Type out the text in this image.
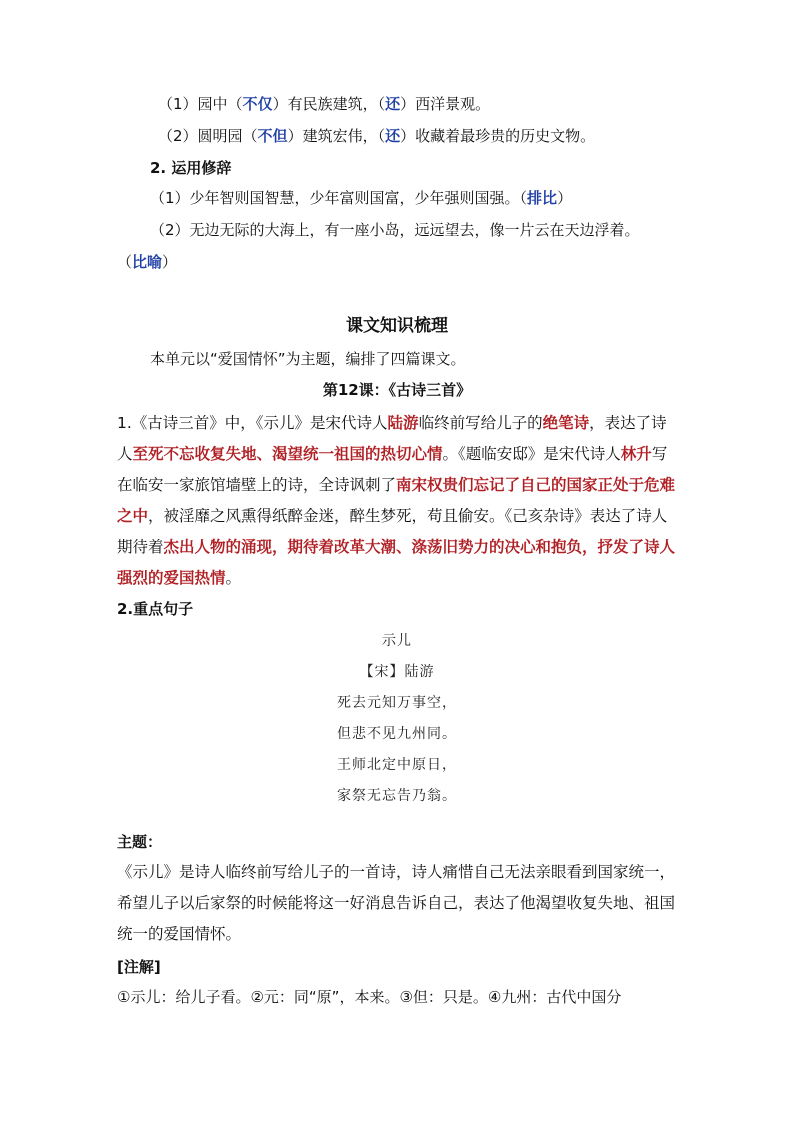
（1）园中（不仅）有民族建筑，（还）西洋景观。
（2）圆明园（不但）建筑宏伟，（还）收藏着最珍贵的历史文物。
2. 运用修辞
（1）少年智则国智慧，少年富则国富，少年强则国强。（排比）
（2）无边无际的大海上，有一座小岛，远远望去，像一片云在天边浮着。
（比喻）
课文知识梳理
本单元以“爱国情怀”为主题，编排了四篇课文。
第12课：《古诗三首》
1.《古诗三首》中，《示儿》是宋代诗人陆游临终前写给儿子的绝笔诗，表达了诗人至死不忘收复失地、渴望统一祖国的热切心情。《题临安邸》是宋代诗人林升写在临安一家旅馆墙壁上的诗，全诗讽刺了南宋权贵们忘记了自己的国家正处于危难之中，被淫靡之风熏得纸醉金迷，醉生梦死，苟且偷安。《己亥杂诗》表达了诗人期待着杰出人物的涌现，期待着改革大潮、涤荡旧势力的决心和抱负，抒发了诗人强烈的爱国热情。
2.重点句子
示儿
【宋】陆游
死去元知万事空，
但悲不见九州同。
王师北定中原日，
家祭无忘告乃翁。
主题：
《示儿》是诗人临终前写给儿子的一首诗，诗人痛惜自己无法亲眼看到国家统一，希望儿子以后家祭的时候能将这一好消息告诉自己，表达了他渴望收复失地、祖国统一的爱国情怀。
[注解]
①示儿：给儿子看。②元：同“原”，本来。③但：只是。④九州：古代中国分
